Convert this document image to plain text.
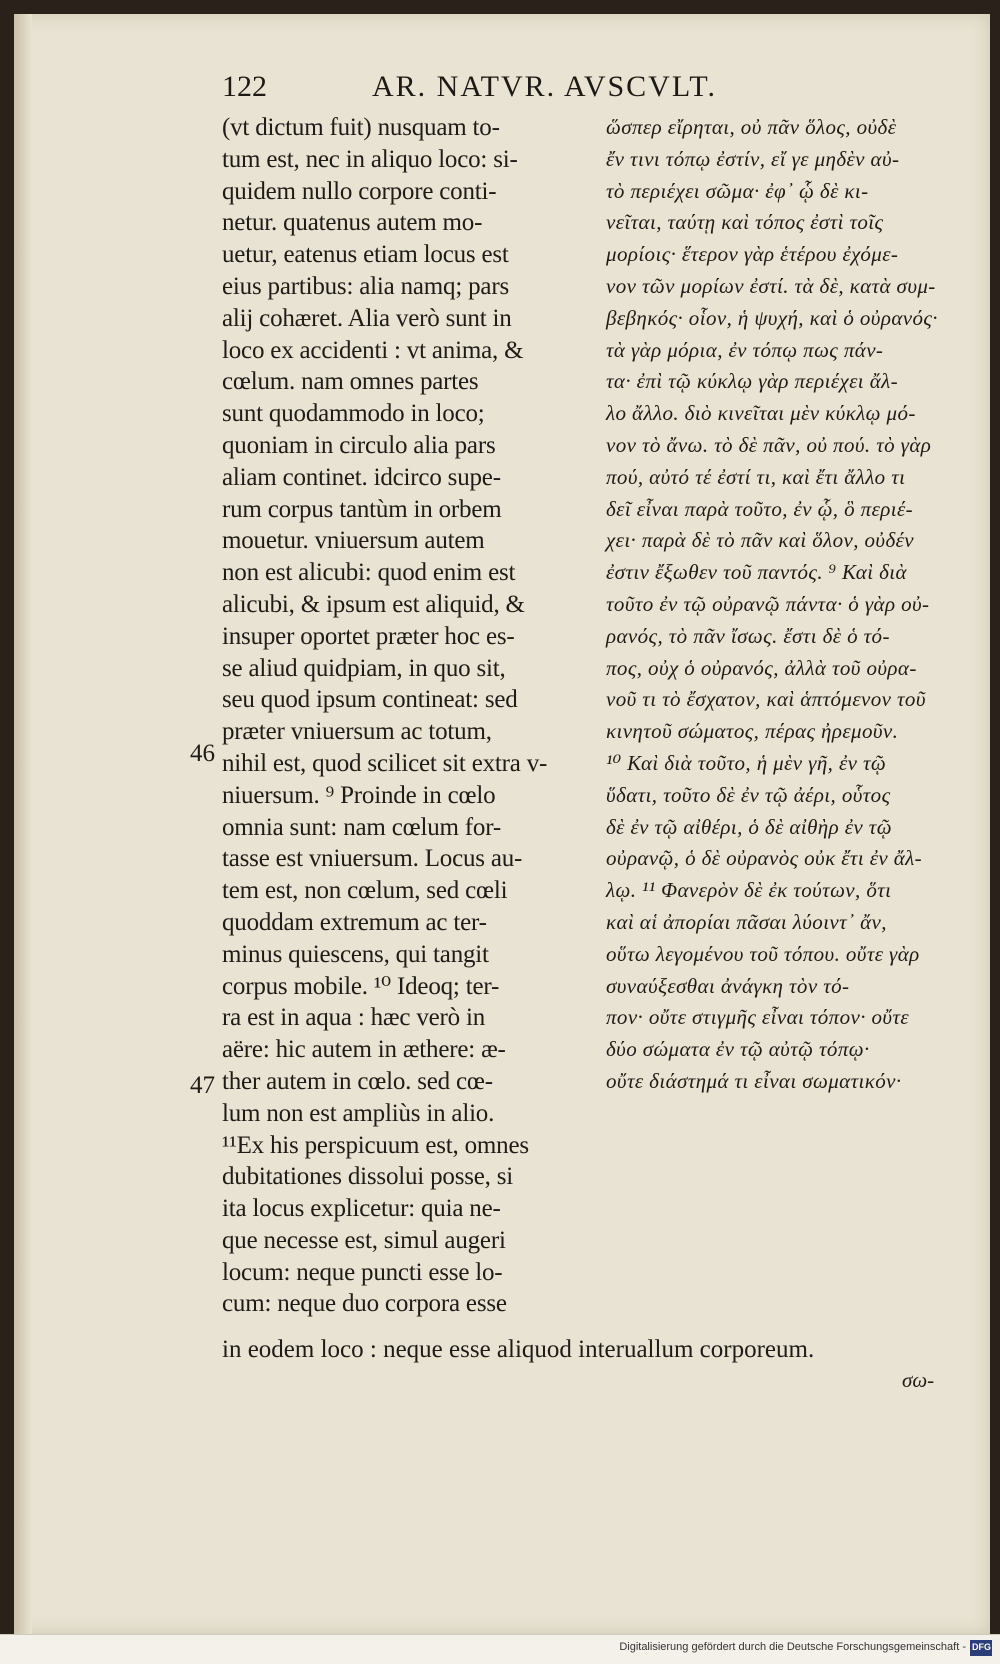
122	AR. NATVR. AVSCVLT.
(vt dictum fuit) nusquam to-
tum est, nec in aliquo loco: si-
quidem nullo corpore conti-
netur. quatenus autem mo-
uetur, eatenus etiam locus est
eius partibus: alia namq; pars
alij cohæret. Alia verò sunt in
loco ex accidenti : vt anima, &
cœlum. nam omnes partes
sunt quodammodo in loco;
quoniam in circulo alia pars
aliam continet. idcirco supe-
rum corpus tantùm in orbem
mouetur. vniuersum autem
non est alicubi: quod enim est
alicubi, & ipsum est aliquid, &
insuper oportet præter hoc es-
se aliud quidpiam, in quo sit,
seu quod ipsum contineat: sed
præter vniuersum ac totum,
nihil est, quod scilicet sit extra v-
niuersum. ⁹ Proinde in cœlo
omnia sunt: nam cœlum for-
tasse est vniuersum. Locus au-
tem est, non cœlum, sed cœli
quoddam extremum ac ter-
minus quiescens, qui tangit
corpus mobile. ¹⁰ Ideoq; ter-
ra est in aqua : hæc verò in
aëre: hic autem in æthere: æ-
ther autem in cœlo. sed cœ-
lum non est ampliùs in alio.
¹¹Ex his perspicuum est, omnes
dubitationes dissolui posse, si
ita locus explicetur: quia ne-
que necesse est, simul augeri
locum: neque puncti esse lo-
cum: neque duo corpora esse
ὥσπερ εἴρηται, οὐ πᾶν ὅλος, οὐδὲ
ἔν τινι τόπῳ ἐστίν, εἴ γε μηδὲν αὐ-
τὸ περιέχει σῶμα· ἐφ᾽ ᾧ δὲ κι-
νεῖται, ταύτῃ καὶ τόπος ἐστὶ τοῖς
μορίοις· ἕτερον γὰρ ἑτέρου ἐχόμε-
νον τῶν μορίων ἐστί. τὰ δὲ, κατὰ συμ-
βεβηκός· οἷον, ἡ ψυχή, καὶ ὁ οὐρανός·
τὰ γὰρ μόρια, ἐν τόπῳ πως πάν-
τα· ἐπὶ τῷ κύκλῳ γὰρ περιέχει ἄλ-
λο ἄλλο. διὸ κινεῖται μὲν κύκλῳ μό-
νον τὸ ἄνω. τὸ δὲ πᾶν, οὐ πού. τὸ γὰρ
πού, αὐτό τέ ἐστί τι, καὶ ἔτι ἄλλο τι
δεῖ εἶναι παρὰ τοῦτο, ἐν ᾧ, ὃ περιέ-
χει· παρὰ δὲ τὸ πᾶν καὶ ὅλον, οὐδέν
ἐστιν ἔξωθεν τοῦ παντός. ⁹ Καὶ διὰ
τοῦτο ἐν τῷ οὐρανῷ πάντα· ὁ γὰρ οὐ-
ρανός, τὸ πᾶν ἴσως. ἔστι δὲ ὁ τό-
πος, οὐχ ὁ οὐρανός, ἀλλὰ τοῦ οὐρα-
νοῦ τι τὸ ἔσχατον, καὶ ἁπτόμενον τοῦ
κινητοῦ σώματος, πέρας ἠρεμοῦν.
¹⁰ Καὶ διὰ τοῦτο, ἡ μὲν γῆ, ἐν τῷ
ὕδατι, τοῦτο δὲ ἐν τῷ ἀέρι, οὗτος
δὲ ἐν τῷ αἰθέρι, ὁ δὲ αἰθὴρ ἐν τῷ
οὐρανῷ, ὁ δὲ οὐρανὸς οὐκ ἔτι ἐν ἄλ-
λῳ. ¹¹ Φανερὸν δὲ ἐκ τούτων, ὅτι
καὶ αἱ ἀπορίαι πᾶσαι λύοιντ᾽ ἄν,
οὕτω λεγομένου τοῦ τόπου. οὔτε γὰρ
συναύξεσθαι ἀνάγκη τὸν τό-
πον· οὔτε στιγμῆς εἶναι τόπον· οὔτε
δύο σώματα ἐν τῷ αὐτῷ τόπῳ·
οὔτε διάστημά τι εἶναι σωματικόν·
46
47
in eodem loco : neque esse aliquod interuallum corporeum.
σω-
Digitalisierung gefördert durch die Deutsche Forschungsgemeinschaft - DFG
